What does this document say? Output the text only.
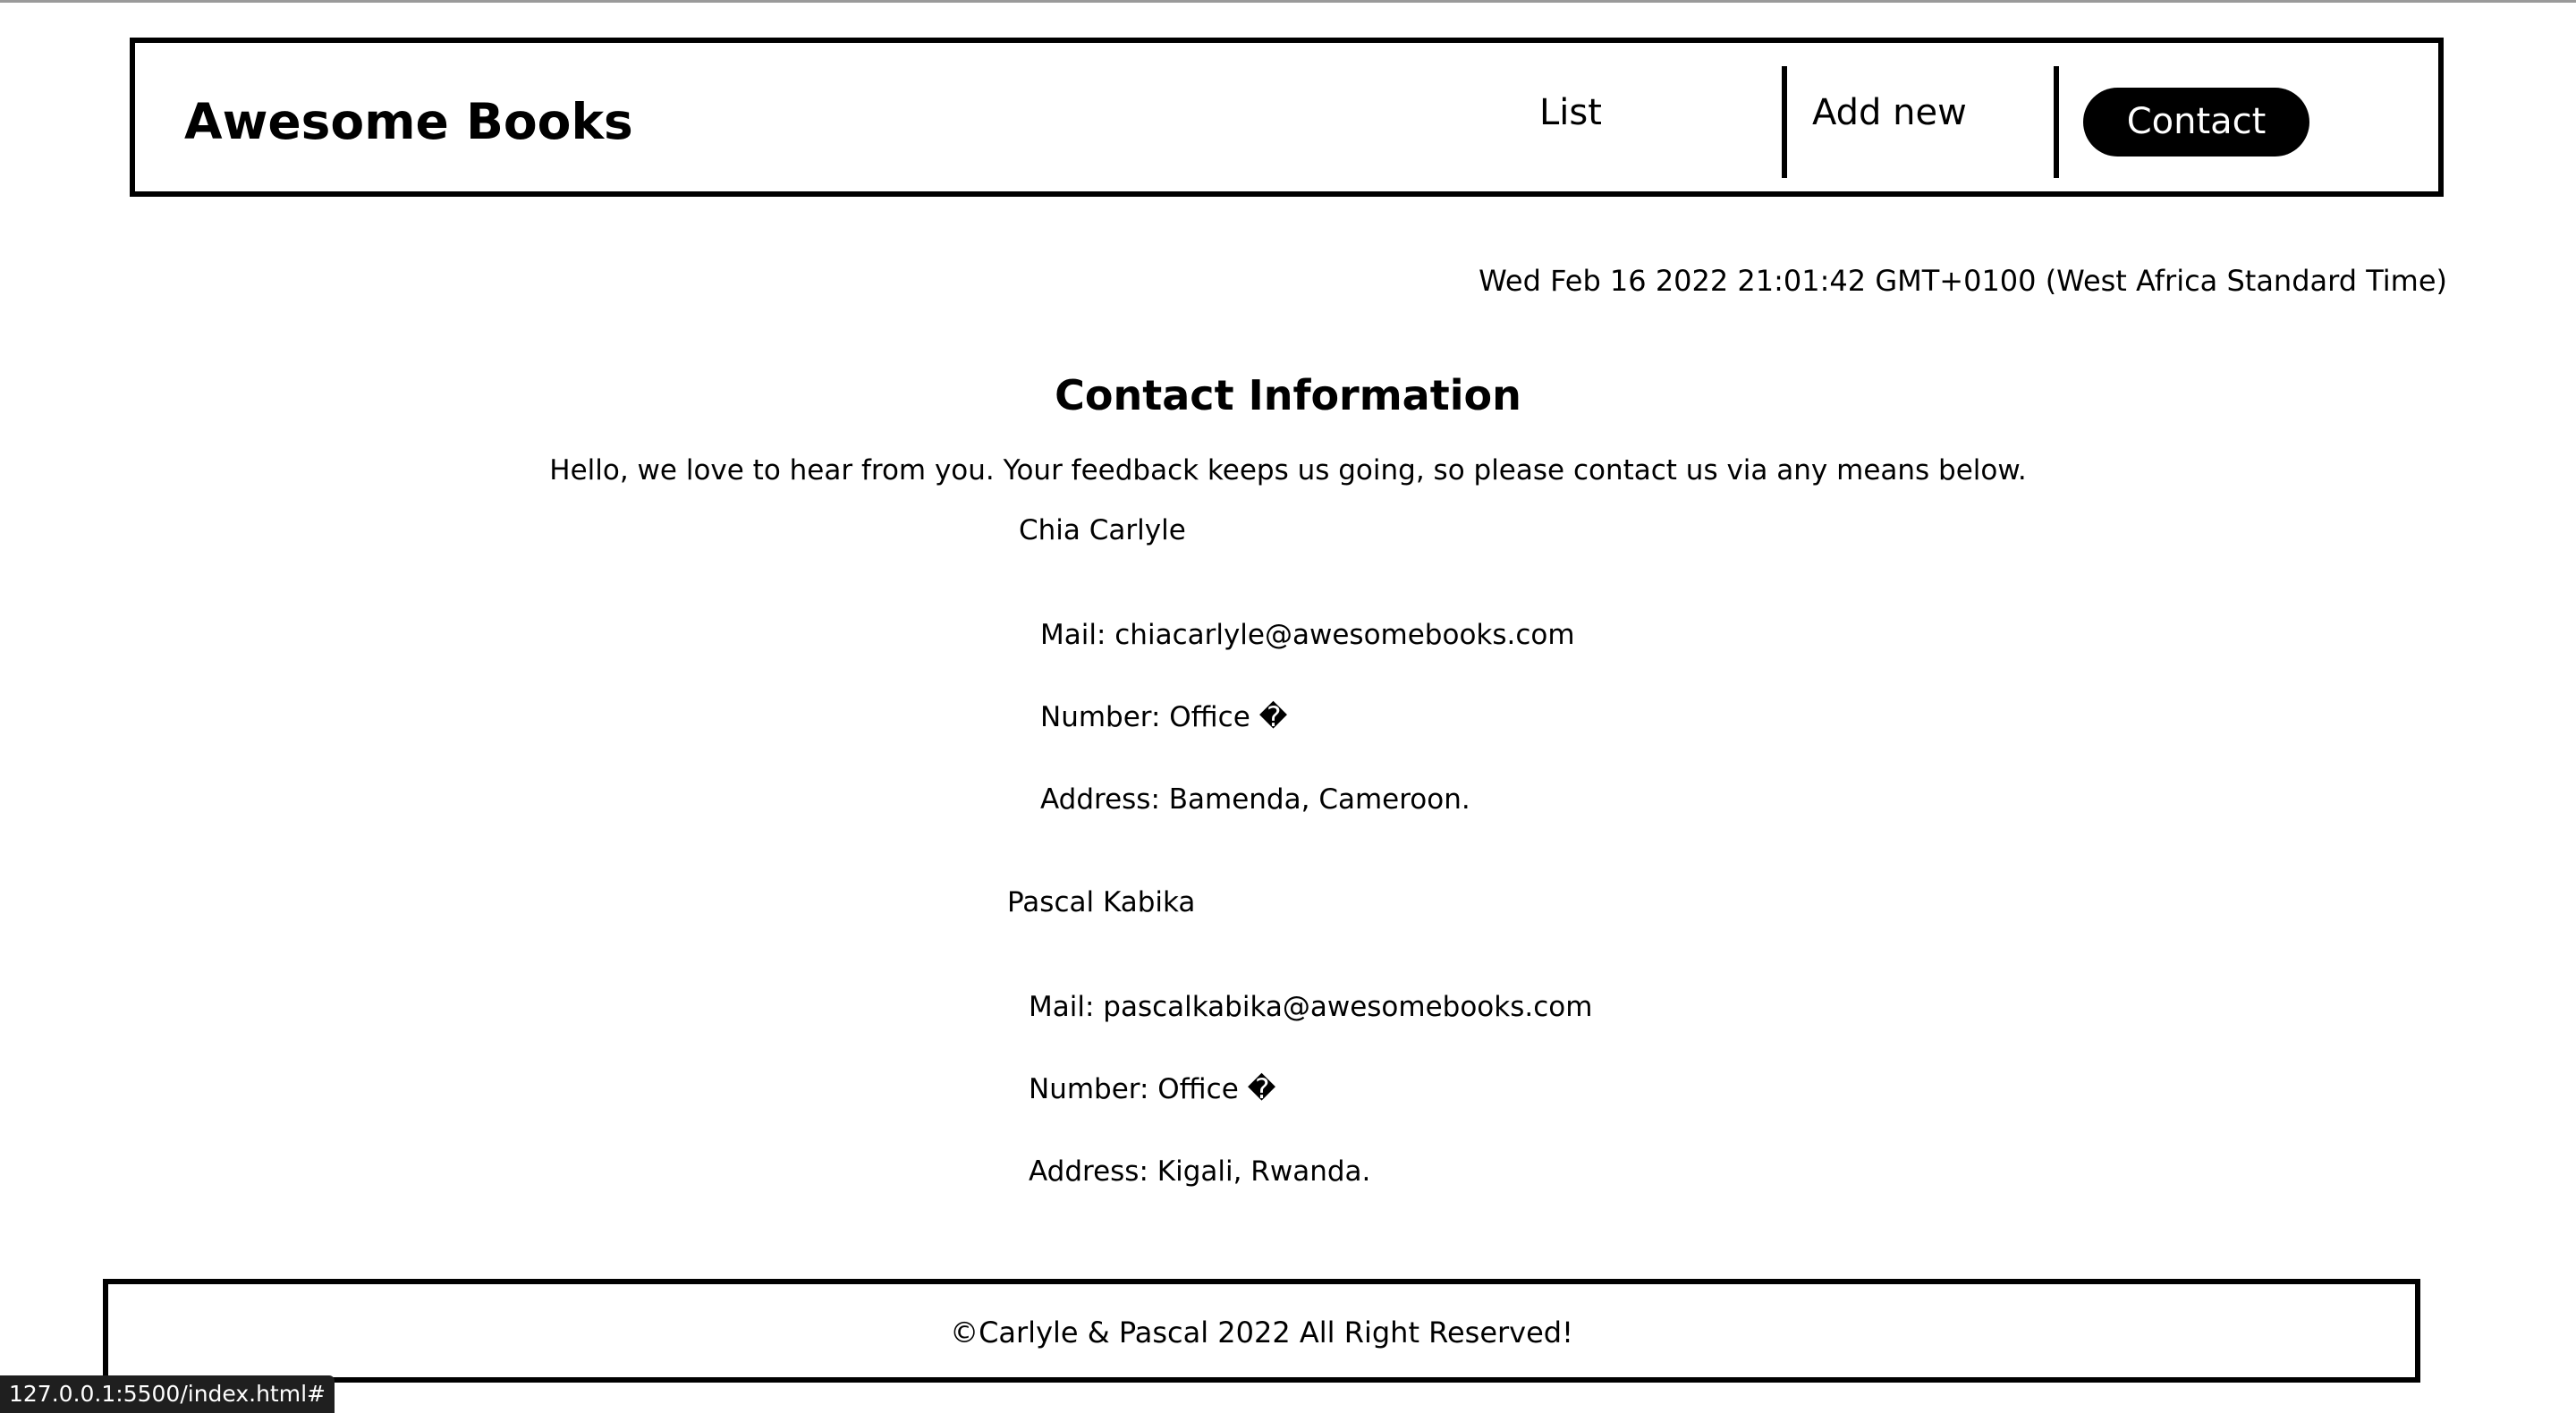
Awesome Books	List	Add new	Contact
Wed Feb 16 2022 21:01:42 GMT+0100 (West Africa Standard Time)
Contact Information

Hello, we love to hear from you. Your feedback keeps us going, so please contact us via any means below.

Chia Carlyle
Mail: chiacarlyle@awesomebooks.com
Number: Office �
Address: Bamenda, Cameroon.
Pascal Kabika
Mail: pascalkabika@awesomebooks.com
Number: Office �
Address: Kigali, Rwanda.
©Carlyle & Pascal 2022 All Right Reserved!
127.0.0.1:5500/index.html#
